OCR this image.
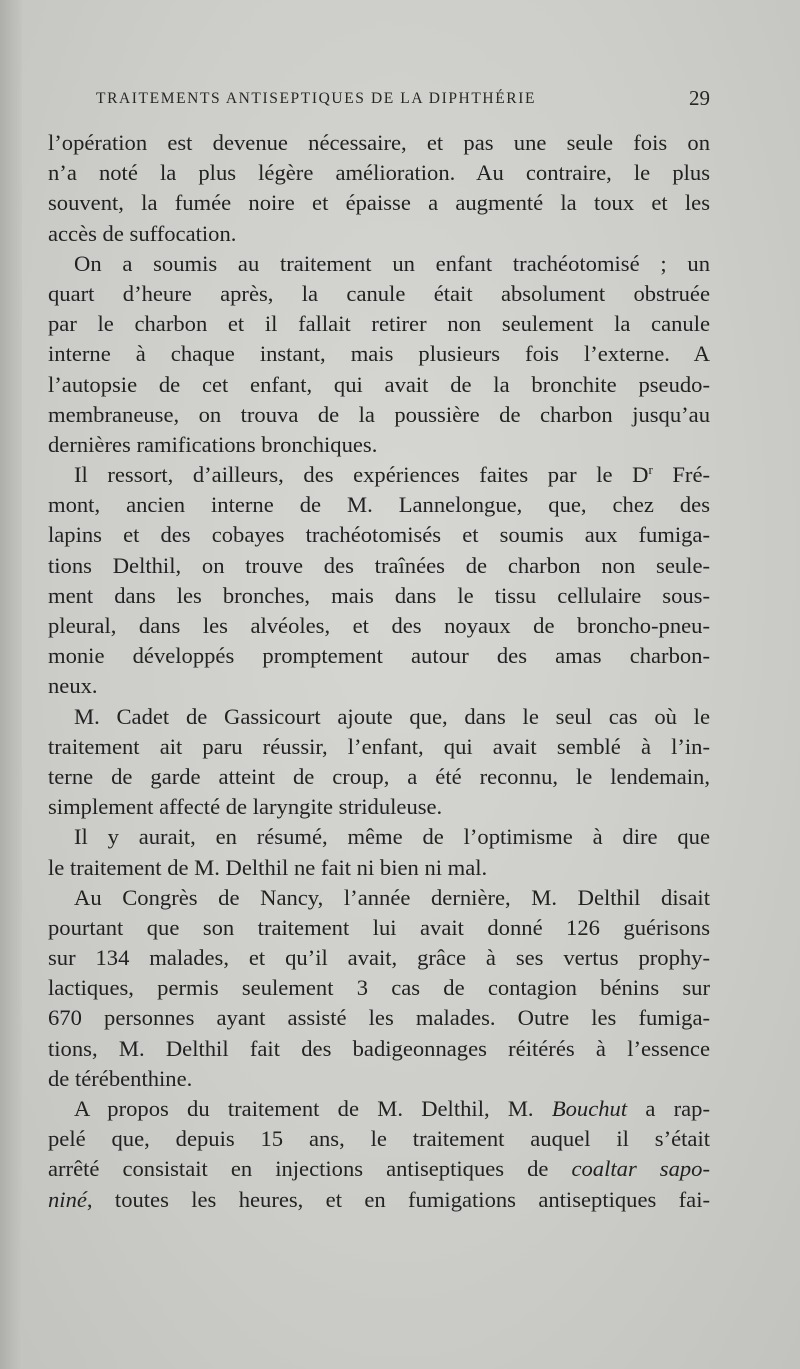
TRAITEMENTS ANTISEPTIQUES DE LA DIPHTHÉRIE	29
l’opération est devenue nécessaire, et pas une seule fois on
n’a noté la plus légère amélioration. Au contraire, le plus
souvent, la fumée noire et épaisse a augmenté la toux et les
accès de suffocation.
On a soumis au traitement un enfant trachéotomisé ; un
quart d’heure après, la canule était absolument obstruée
par le charbon et il fallait retirer non seulement la canule
interne à chaque instant, mais plusieurs fois l’externe. A
l’autopsie de cet enfant, qui avait de la bronchite pseudo-
membraneuse, on trouva de la poussière de charbon jusqu’au
dernières ramifications bronchiques.
Il ressort, d’ailleurs, des expériences faites par le $D^r$ Fré-
mont, ancien interne de M. Lannelongue, que, chez des
lapins et des cobayes trachéotomisés et soumis aux fumiga-
tions Delthil, on trouve des traînées de charbon non seule-
ment dans les bronches, mais dans le tissu cellulaire sous-
pleural, dans les alvéoles, et des noyaux de broncho-pneu-
monie développés promptement autour des amas charbon-
neux.
M. Cadet de Gassicourt ajoute que, dans le seul cas où le
traitement ait paru réussir, l’enfant, qui avait semblé à l’in-
terne de garde atteint de croup, a été reconnu, le lendemain,
simplement affecté de laryngite striduleuse.
Il y aurait, en résumé, même de l’optimisme à dire que
le traitement de M. Delthil ne fait ni bien ni mal.
Au Congrès de Nancy, l’année dernière, M. Delthil disait
pourtant que son traitement lui avait donné 126 guérisons
sur 134 malades, et qu’il avait, grâce à ses vertus prophy-
lactiques, permis seulement 3 cas de contagion bénins sur
670 personnes ayant assisté les malades. Outre les fumiga-
tions, M. Delthil fait des badigeonnages réitérés à l’essence
de térébenthine.
A propos du traitement de M. Delthil, M. Bouchut a rap-
pelé que, depuis 15 ans, le traitement auquel il s’était
arrêté consistait en injections antiseptiques de coaltar sapo-
niné, toutes les heures, et en fumigations antiseptiques fai-
